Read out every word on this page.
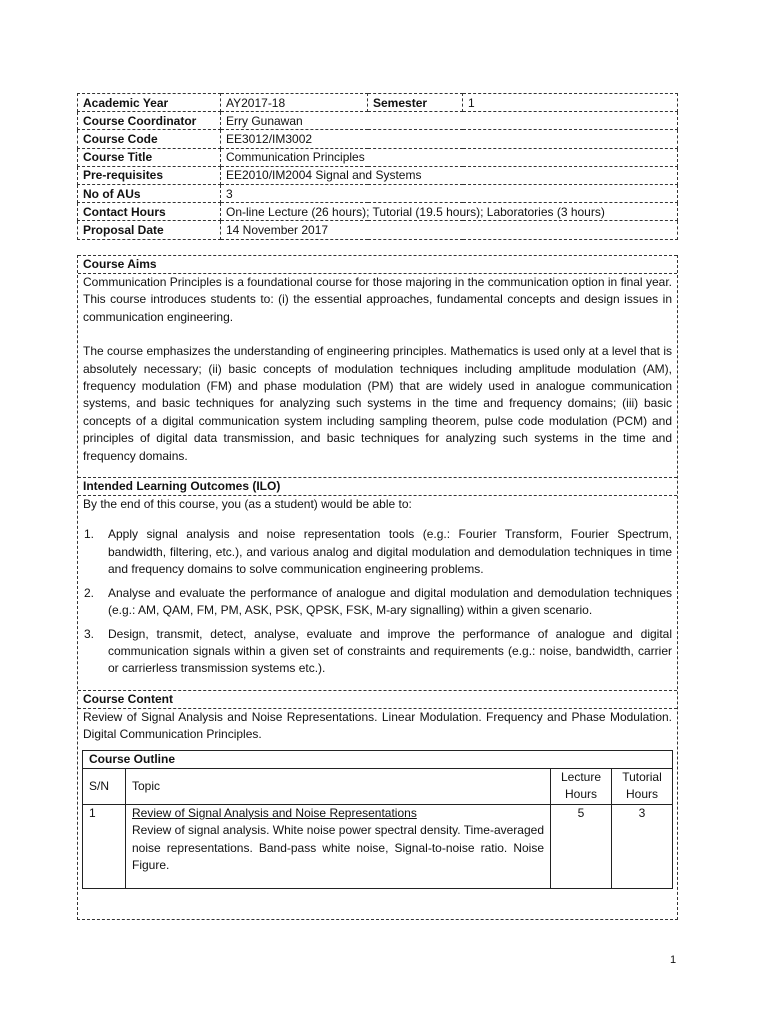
Academic Year	AY2017-18	Semester	1
Course Coordinator	Erry Gunawan		
Course Code	EE3012/IM3002		
Course Title	Communication Principles		
Pre-requisites	EE2010/IM2004 Signal and Systems		
No of AUs	3		
Contact Hours	On-line Lecture (26 hours); Tutorial (19.5 hours); Laboratories (3 hours)		
Proposal Date	14 November 2017		
Course Aims

Communication Principles is a foundational course for those majoring in the communication option in final year. This course introduces students to: (i) the essential approaches, fundamental concepts and design issues in communication engineering.

The course emphasizes the understanding of engineering principles. Mathematics is used only at a level that is absolutely necessary; (ii) basic concepts of modulation techniques including amplitude modulation (AM), frequency modulation (FM) and phase modulation (PM) that are widely used in analogue communication systems, and basic techniques for analyzing such systems in the time and frequency domains; (iii) basic concepts of a digital communication system including sampling theorem, pulse code modulation (PCM) and principles of digital data transmission, and basic techniques for analyzing such systems in the time and frequency domains.

Intended Learning Outcomes (ILO)

By the end of this course, you (as a student) would be able to:

1. Apply signal analysis and noise representation tools (e.g.: Fourier Transform, Fourier Spectrum, bandwidth, filtering, etc.), and various analog and digital modulation and demodulation techniques in time and frequency domains to solve communication engineering problems.
2. Analyse and evaluate the performance of analogue and digital modulation and demodulation techniques (e.g.: AM, QAM, FM, PM, ASK, PSK, QPSK, FSK, M-ary signalling) within a given scenario.
3. Design, transmit, detect, analyse, evaluate and improve the performance of analogue and digital communication signals within a given set of constraints and requirements (e.g.: noise, bandwidth, carrier or carrierless transmission systems etc.).
Course Content

Review of Signal Analysis and Noise Representations. Linear Modulation. Frequency and Phase Modulation. Digital Communication Principles.

Course Outline			
S/N	Topic	Lecture Hours	Tutorial Hours
1	Review of Signal Analysis and Noise Representations
Review of signal analysis. White noise power spectral density. Time-averaged noise representations. Band-pass white noise, Signal-to-noise ratio. Noise Figure.	5	3
1
